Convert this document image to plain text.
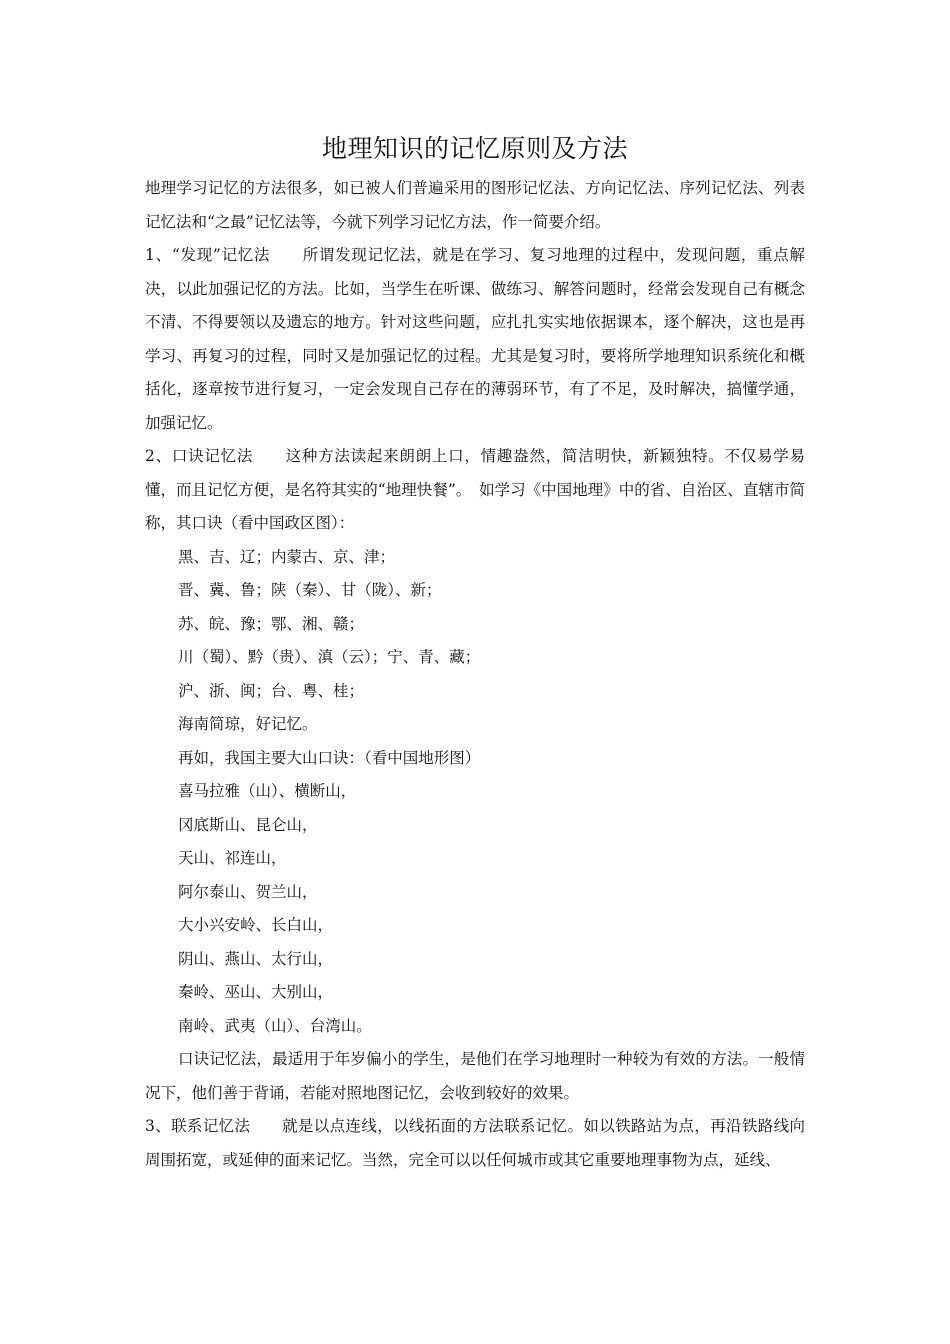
地理知识的记忆原则及方法

地理学习记忆的方法很多，如已被人们普遍采用的图形记忆法、方向记忆法、序列记忆法、列表记忆法和“之最”记忆法等，今就下列学习记忆方法，作一简要介绍。

1、“发现”记忆法　　所谓发现记忆法，就是在学习、复习地理的过程中，发现问题，重点解决，以此加强记忆的方法。比如，当学生在听课、做练习、解答问题时，经常会发现自己有概念不清、不得要领以及遗忘的地方。针对这些问题，应扎扎实实地依据课本，逐个解决，这也是再学习、再复习的过程，同时又是加强记忆的过程。尤其是复习时，要将所学地理知识系统化和概括化，逐章按节进行复习，一定会发现自己存在的薄弱环节，有了不足，及时解决，搞懂学通，加强记忆。

2、口诀记忆法　　这种方法读起来朗朗上口，情趣盎然，简洁明快，新颖独特。不仅易学易懂，而且记忆方便，是名符其实的“地理快餐”。　如学习《中国地理》中的省、自治区、直辖市简称，其口诀（看中国政区图）：

黑、吉、辽；内蒙古、京、津；

晋、冀、鲁；陕（秦）、甘（陇）、新；

苏、皖、豫；鄂、湘、赣；

川（蜀）、黔（贵）、滇（云）；宁、青、藏；

沪、浙、闽；台、粤、桂；

海南简琼，好记忆。

再如，我国主要大山口诀：（看中国地形图）

喜马拉雅（山）、横断山，

冈底斯山、昆仑山，

天山、祁连山，

阿尔泰山、贺兰山，

大小兴安岭、长白山，

阴山、燕山、太行山，

秦岭、巫山、大别山，

南岭、武夷（山）、台湾山。

口诀记忆法，最适用于年岁偏小的学生，是他们在学习地理时一种较为有效的方法。一般情况下，他们善于背诵，若能对照地图记忆，会收到较好的效果。

3、联系记忆法　　就是以点连线，以线拓面的方法联系记忆。如以铁路站为点，再沿铁路线向周围拓宽，或延伸的面来记忆。当然，完全可以以任何城市或其它重要地理事物为点，延线、
